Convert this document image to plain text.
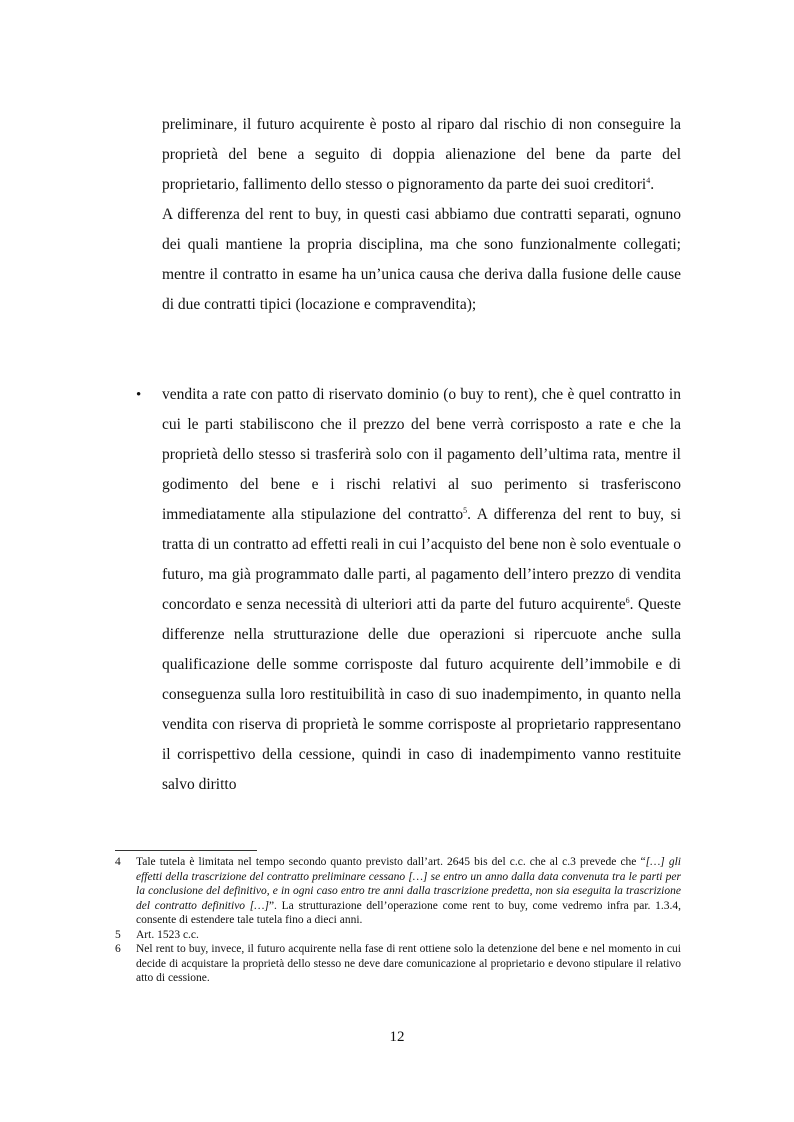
preliminare, il futuro acquirente è posto al riparo dal rischio di non conseguire la proprietà del bene a seguito di doppia alienazione del bene da parte del proprietario, fallimento dello stesso o pignoramento da parte dei suoi creditori$^4$.

A differenza del rent to buy, in questi casi abbiamo due contratti separati, ognuno dei quali mantiene la propria disciplina, ma che sono funzionalmente collegati; mentre il contratto in esame ha un’unica causa che deriva dalla fusione delle cause di due contratti tipici (locazione e compravendita);

• vendita a rate con patto di riservato dominio (o buy to rent), che è quel contratto in cui le parti stabiliscono che il prezzo del bene verrà corrisposto a rate e che la proprietà dello stesso si trasferirà solo con il pagamento dell’ultima rata, mentre il godimento del bene e i rischi relativi al suo perimento si trasferiscono immediatamente alla stipulazione del contratto$^5$. A differenza del rent to buy, si tratta di un contratto ad effetti reali in cui l’acquisto del bene non è solo eventuale o futuro, ma già programmato dalle parti, al pagamento dell’intero prezzo di vendita concordato e senza necessità di ulteriori atti da parte del futuro acquirente$^6$. Queste differenze nella strutturazione delle due operazioni si ripercuote anche sulla qualificazione delle somme corrisposte dal futuro acquirente dell’immobile e di conseguenza sulla loro restituibilità in caso di suo inadempimento, in quanto nella vendita con riserva di proprietà le somme corrisposte al proprietario rappresentano il corrispettivo della cessione, quindi in caso di inadempimento vanno restituite salvo diritto

4	Tale tutela è limitata nel tempo secondo quanto previsto dall’art. 2645 bis del c.c. che al c.3 prevede che “[…] gli effetti della trascrizione del contratto preliminare cessano […] se entro un anno dalla data convenuta tra le parti per la conclusione del definitivo, e in ogni caso entro tre anni dalla trascrizione predetta, non sia eseguita la trascrizione del contratto definitivo […]”. La strutturazione dell’operazione come rent to buy, come vedremo infra par. 1.3.4, consente di estendere tale tutela fino a dieci anni.
5	Art. 1523 c.c.
6	Nel rent to buy, invece, il futuro acquirente nella fase di rent ottiene solo la detenzione del bene e nel momento in cui decide di acquistare la proprietà dello stesso ne deve dare comunicazione al proprietario e devono stipulare il relativo atto di cessione.
12
